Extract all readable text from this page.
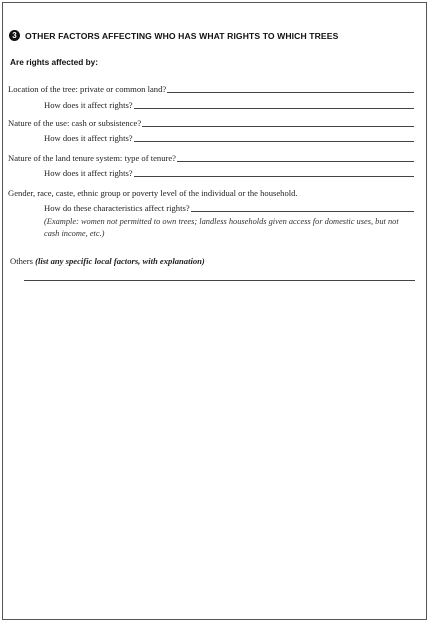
3 OTHER FACTORS AFFECTING WHO HAS WHAT RIGHTS TO WHICH TREES
Are rights affected by:
Location of the tree: private or common land?
How does it affect rights?
Nature of the use: cash or subsistence?
How does it affect rights?
Nature of the land tenure system: type of tenure?
How does it affect rights?
Gender, race, caste, ethnic group or poverty level of the individual or the household.
How do these characteristics affect rights?
(Example: women not permitted to own trees; landless households given access for domestic uses, but not cash income, etc.)
Others (list any specific local factors, with explanation)
